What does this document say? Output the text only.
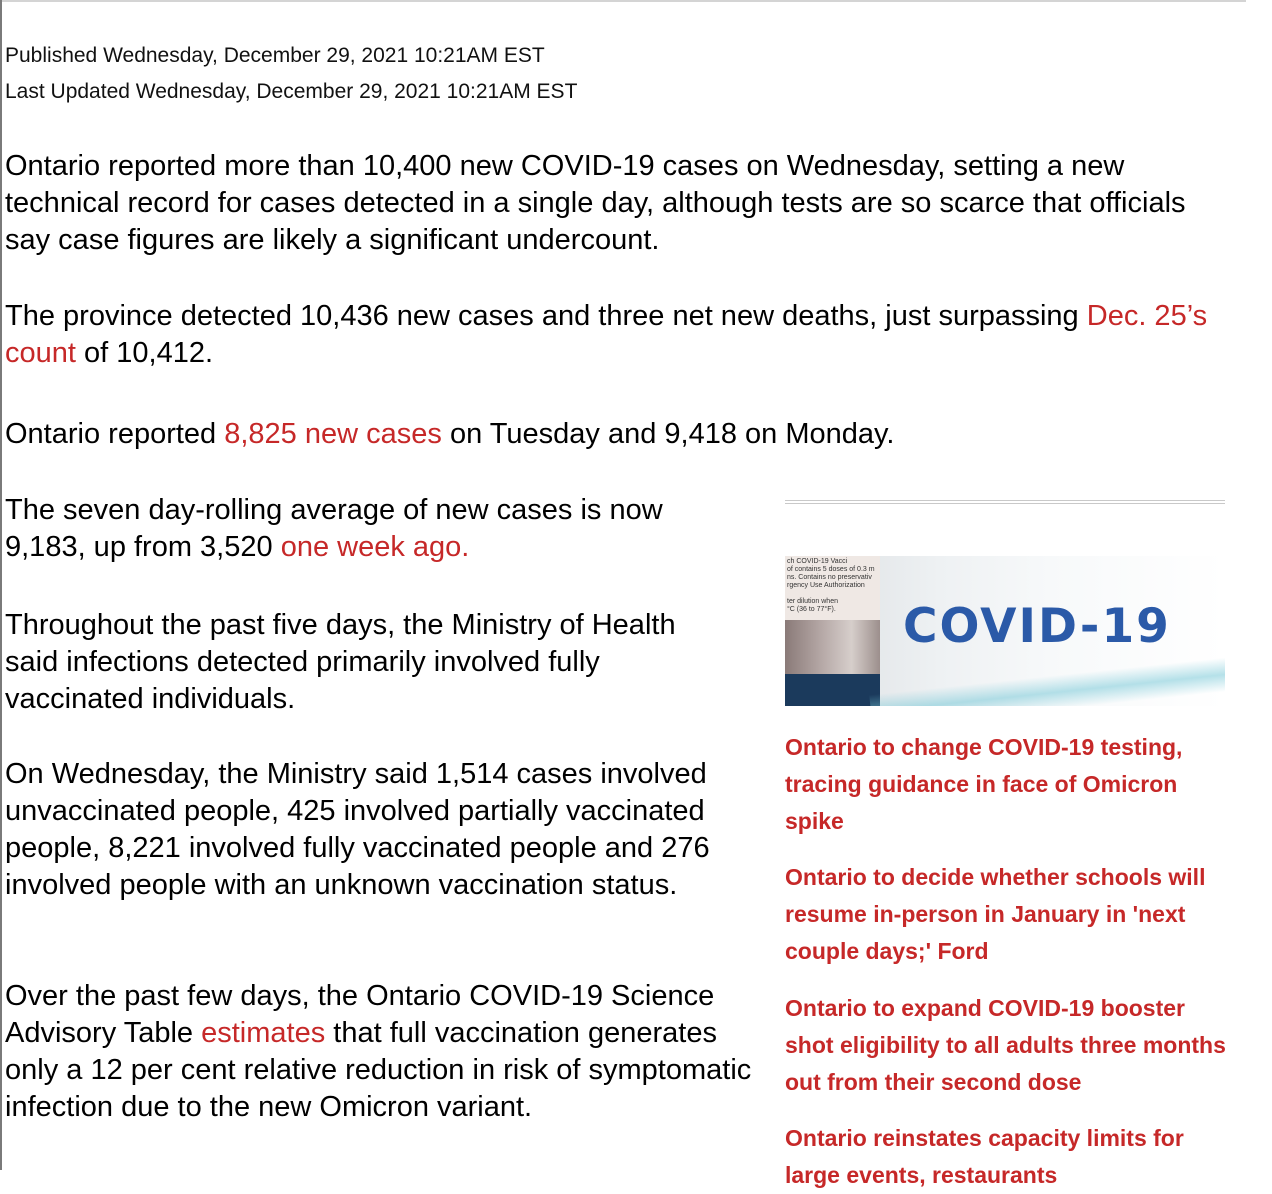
Published Wednesday, December 29, 2021 10:21AM EST
Last Updated Wednesday, December 29, 2021 10:21AM EST

Ontario reported more than 10,400 new COVID-19 cases on Wednesday, setting a new technical record for cases detected in a single day, although tests are so scarce that officials say case figures are likely a significant undercount.

The province detected 10,436 new cases and three net new deaths, just surpassing Dec. 25’s count of 10,412.

Ontario reported 8,825 new cases on Tuesday and 9,418 on Monday.

The seven day-rolling average of new cases is now 9,183, up from 3,520 one week ago.

Throughout the past five days, the Ministry of Health said infections detected primarily involved fully vaccinated individuals.

On Wednesday, the Ministry said 1,514 cases involved unvaccinated people, 425 involved partially vaccinated people, 8,221 involved fully vaccinated people and 276 involved people with an unknown vaccination status.

Over the past few days, the Ontario COVID-19 Science Advisory Table estimates that full vaccination generates only a 12 per cent relative reduction in risk of symptomatic infection due to the new Omicron variant.

ch COVID-19 Vacci
of contains 5 doses of 0.3 m
ns. Contains no preservativ
rgency Use Authorization

ter dilution when
°C (36 to 77°F).	COVID-19
Ontario to change COVID-19 testing, tracing guidance in face of Omicron spike
Ontario to decide whether schools will resume in-person in January in 'next couple days;' Ford
Ontario to expand COVID-19 booster shot eligibility to all adults three months out from their second dose
Ontario reinstates capacity limits for large events, restaurants
